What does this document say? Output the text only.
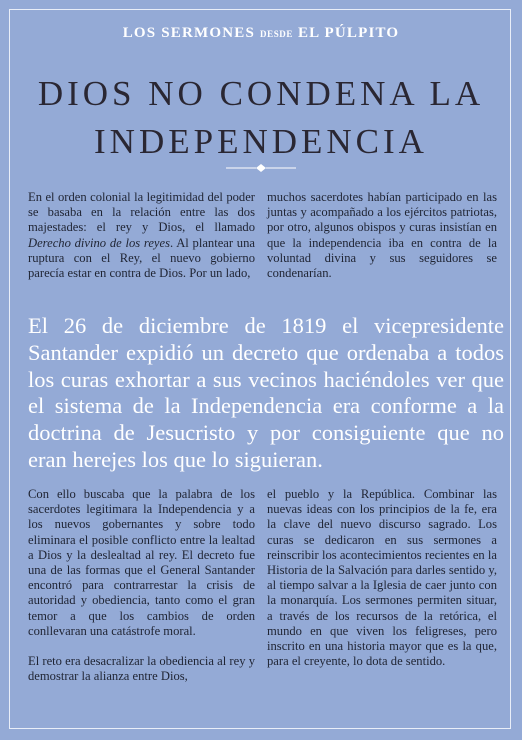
LOS SERMONES DESDE EL PÚLPITO
DIOS NO CONDENA LA
INDEPENDENCIA

En el orden colonial la legitimidad del poder se basaba en la relación entre las dos majestades: el rey y Dios, el llamado Derecho divino de los reyes. Al plantear una ruptura con el Rey, el nuevo gobierno parecía estar en contra de Dios. Por un lado,

muchos sacerdotes habían participado en las juntas y acompañado a los ejércitos patriotas, por otro, algunos obispos y curas insistían en que la independencia iba en contra de la voluntad divina y sus seguidores se condenarían.

El 26 de diciembre de 1819 el vicepresidente Santander expidió un decreto que ordenaba a todos los curas exhortar a sus vecinos haciéndoles ver que el sistema de la Independencia era conforme a la doctrina de Jesucristo y por consiguiente que no eran herejes los que lo siguieran.

Con ello buscaba que la palabra de los sacerdotes legitimara la Independencia y a los nuevos gobernantes y sobre todo eliminara el posible conflicto entre la lealtad a Dios y la deslealtad al rey. El decreto fue una de las formas que el General Santander encontró para contrarrestar la crisis de autoridad y obediencia, tanto como el gran temor a que los cambios de orden conllevaran una catástrofe moral.

El reto era desacralizar la obediencia al rey y demostrar la alianza entre Dios,

el pueblo y la República. Combinar las nuevas ideas con los principios de la fe, era la clave del nuevo discurso sagrado. Los curas se dedicaron en sus sermones a reinscribir los acontecimientos recientes en la Historia de la Salvación para darles sentido y, al tiempo salvar a la Iglesia de caer junto con la monarquía. Los sermones permiten situar, a través de los recursos de la retórica, el mundo en que viven los feligreses, pero inscrito en una historia mayor que es la que, para el creyente, lo dota de sentido.
